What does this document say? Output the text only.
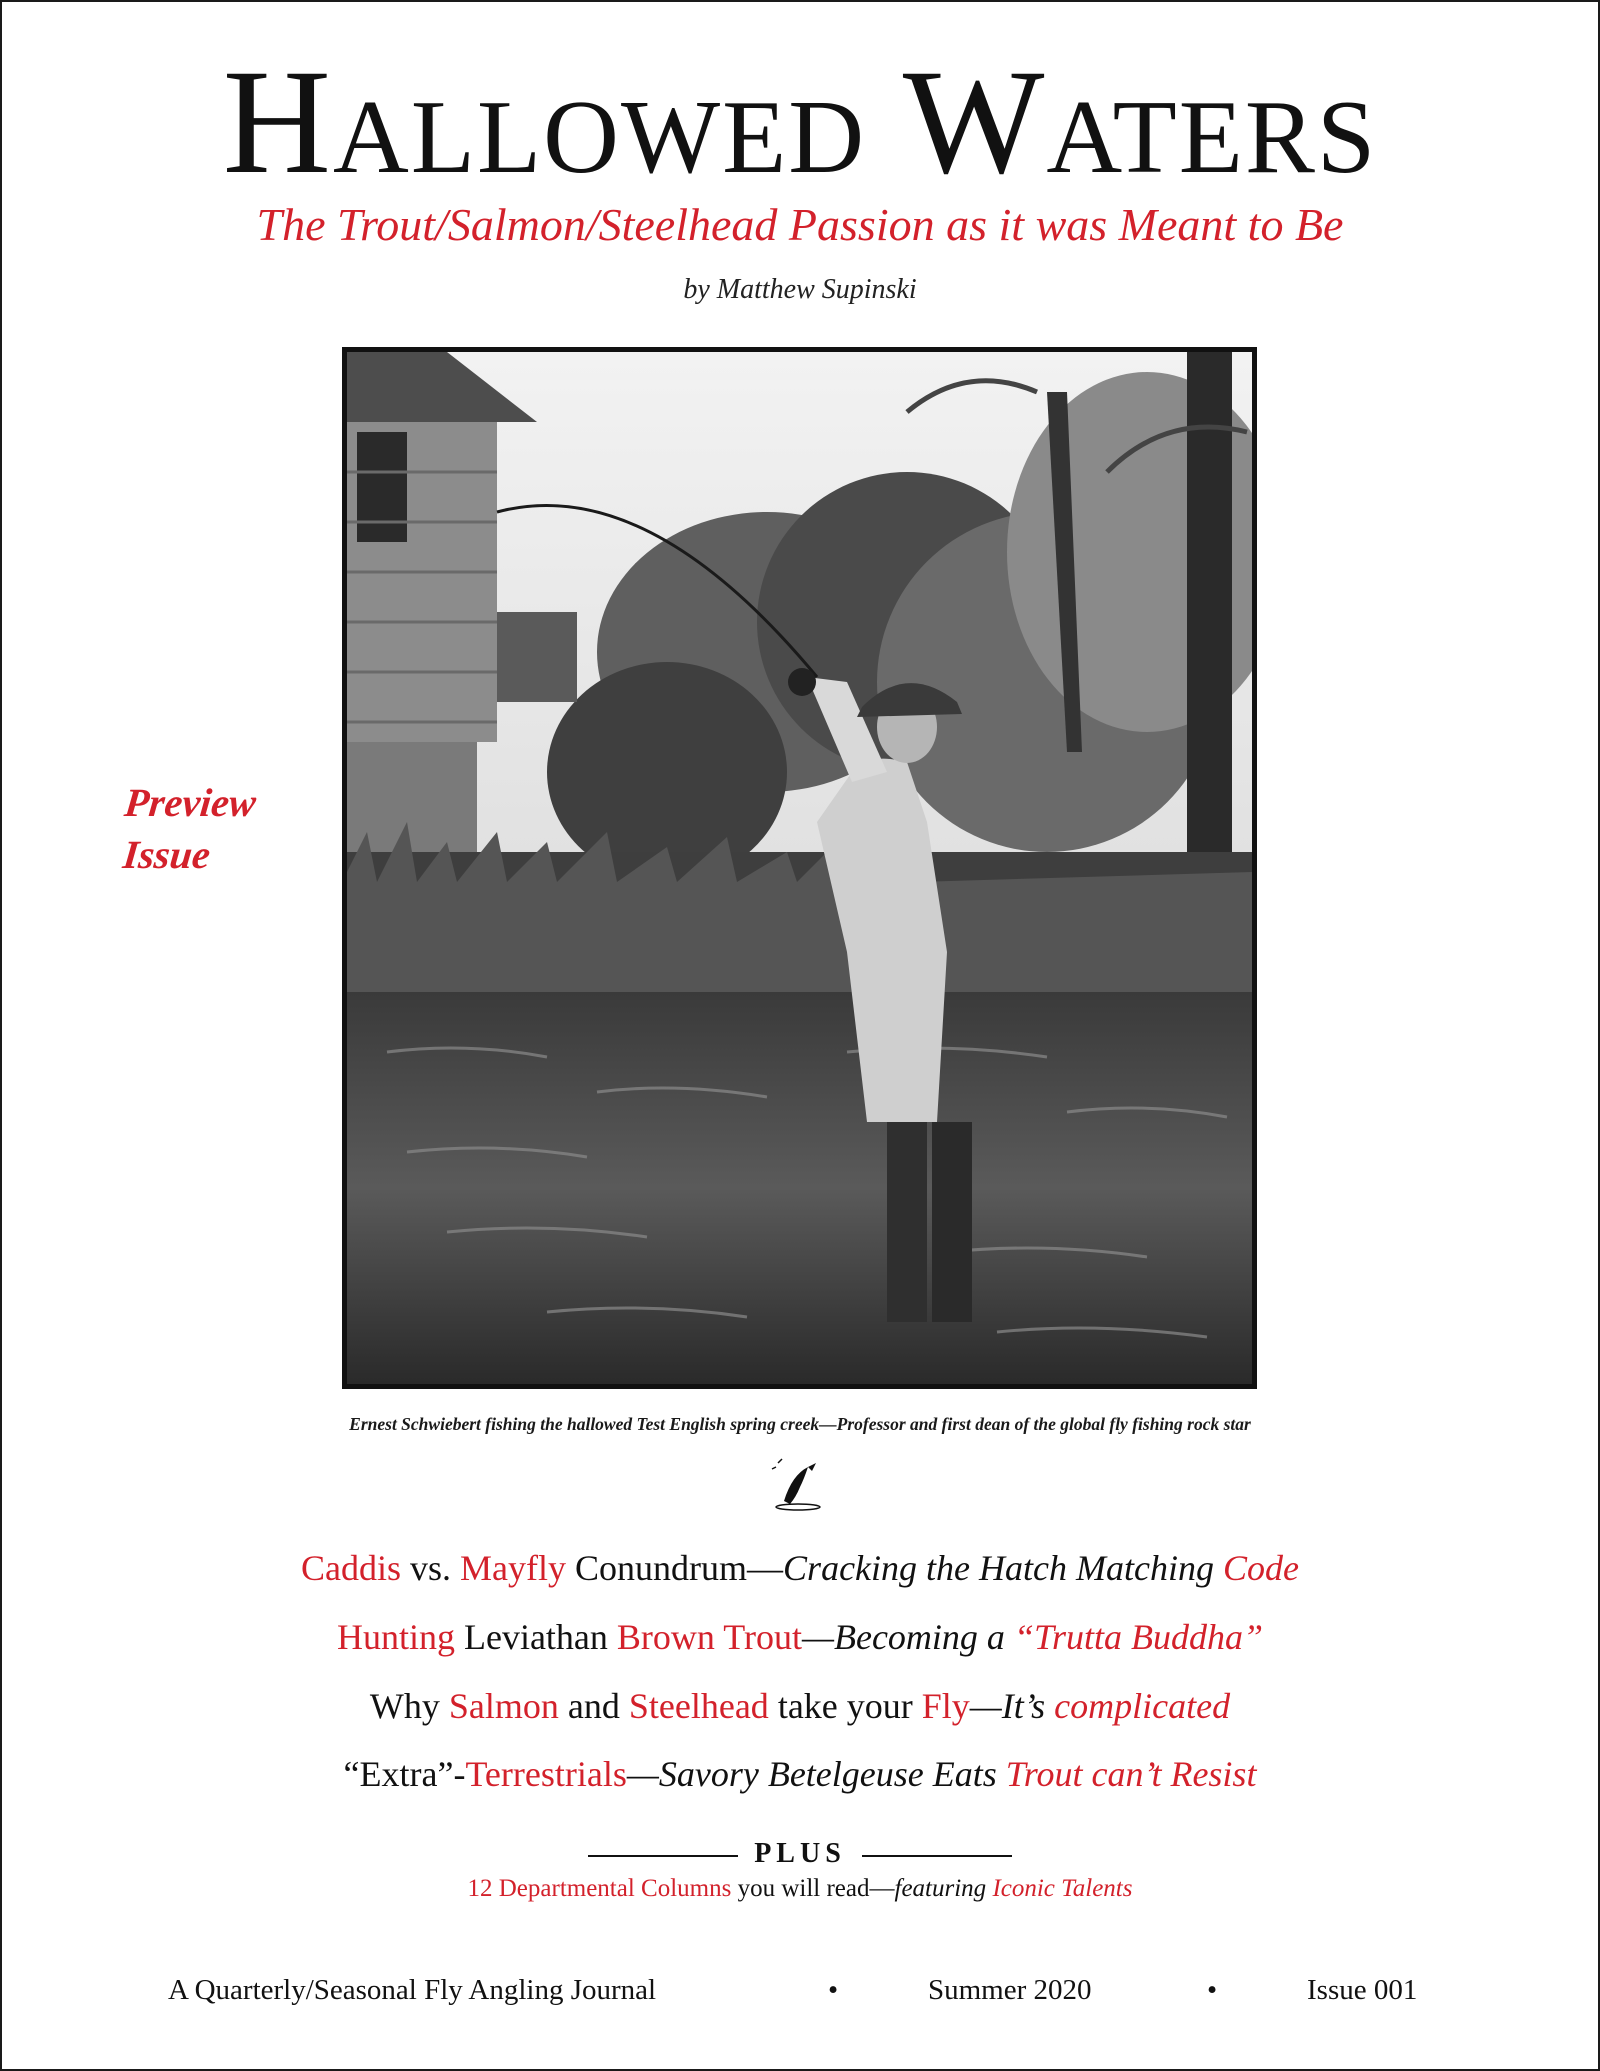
Hallowed Waters
The Trout/Salmon/Steelhead Passion as it was Meant to Be
by Matthew Supinski
Preview
Issue
Ernest Schwiebert fishing the hallowed Test English spring creek—Professor and first dean of the global fly fishing rock star
Caddis vs. Mayfly Conundrum—Cracking the Hatch Matching Code
Hunting Leviathan Brown Trout—Becoming a “Trutta Buddha”
Why Salmon and Steelhead take your Fly—It’s complicated
“Extra”-Terrestrials—Savory Betelgeuse Eats Trout can’t Resist
PLUS
12 Departmental Columns you will read—featuring Iconic Talents
A Quarterly/Seasonal Fly Angling Journal	•	Summer 2020	•	Issue 001
